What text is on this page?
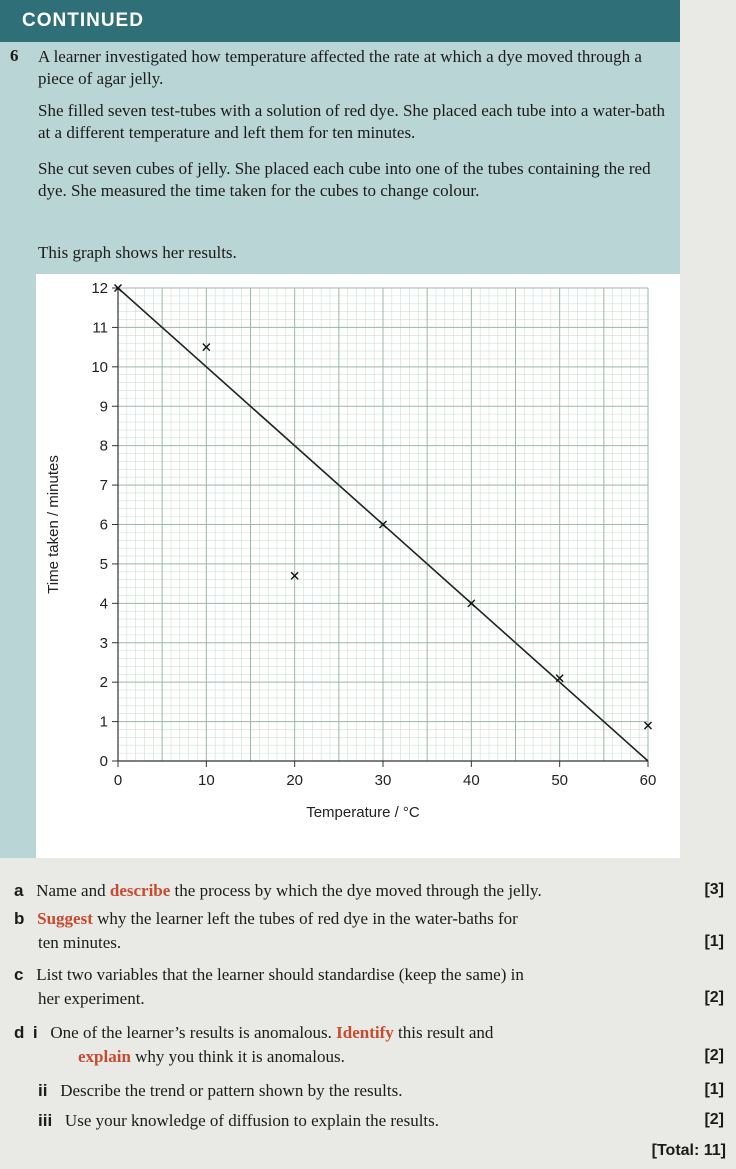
CONTINUED
6 A learner investigated how temperature affected the rate at which a dye moved through a piece of agar jelly.
She filled seven test-tubes with a solution of red dye. She placed each tube into a water-bath at a different temperature and left them for ten minutes.
She cut seven cubes of jelly. She placed each cube into one of the tubes containing the red dye. She measured the time taken for the cubes to change colour.
This graph shows her results.
0
1
2
3
4
5
6
7
8
9
10
11
12
0	10	20	30	40	50	60
Temperature / °C
Time taken / minutes
a Name and describe the process by which the dye moved through the jelly.	[3]
b Suggest why the learner left the tubes of red dye in the water-baths for
ten minutes.	[1]
c List two variables that the learner should standardise (keep the same) in
her experiment.	[2]
d i One of the learner’s results is anomalous. Identify this result and
explain why you think it is anomalous.	[2]
ii Describe the trend or pattern shown by the results.	[1]
iii Use your knowledge of diffusion to explain the results.	[2]
[Total: 11]
